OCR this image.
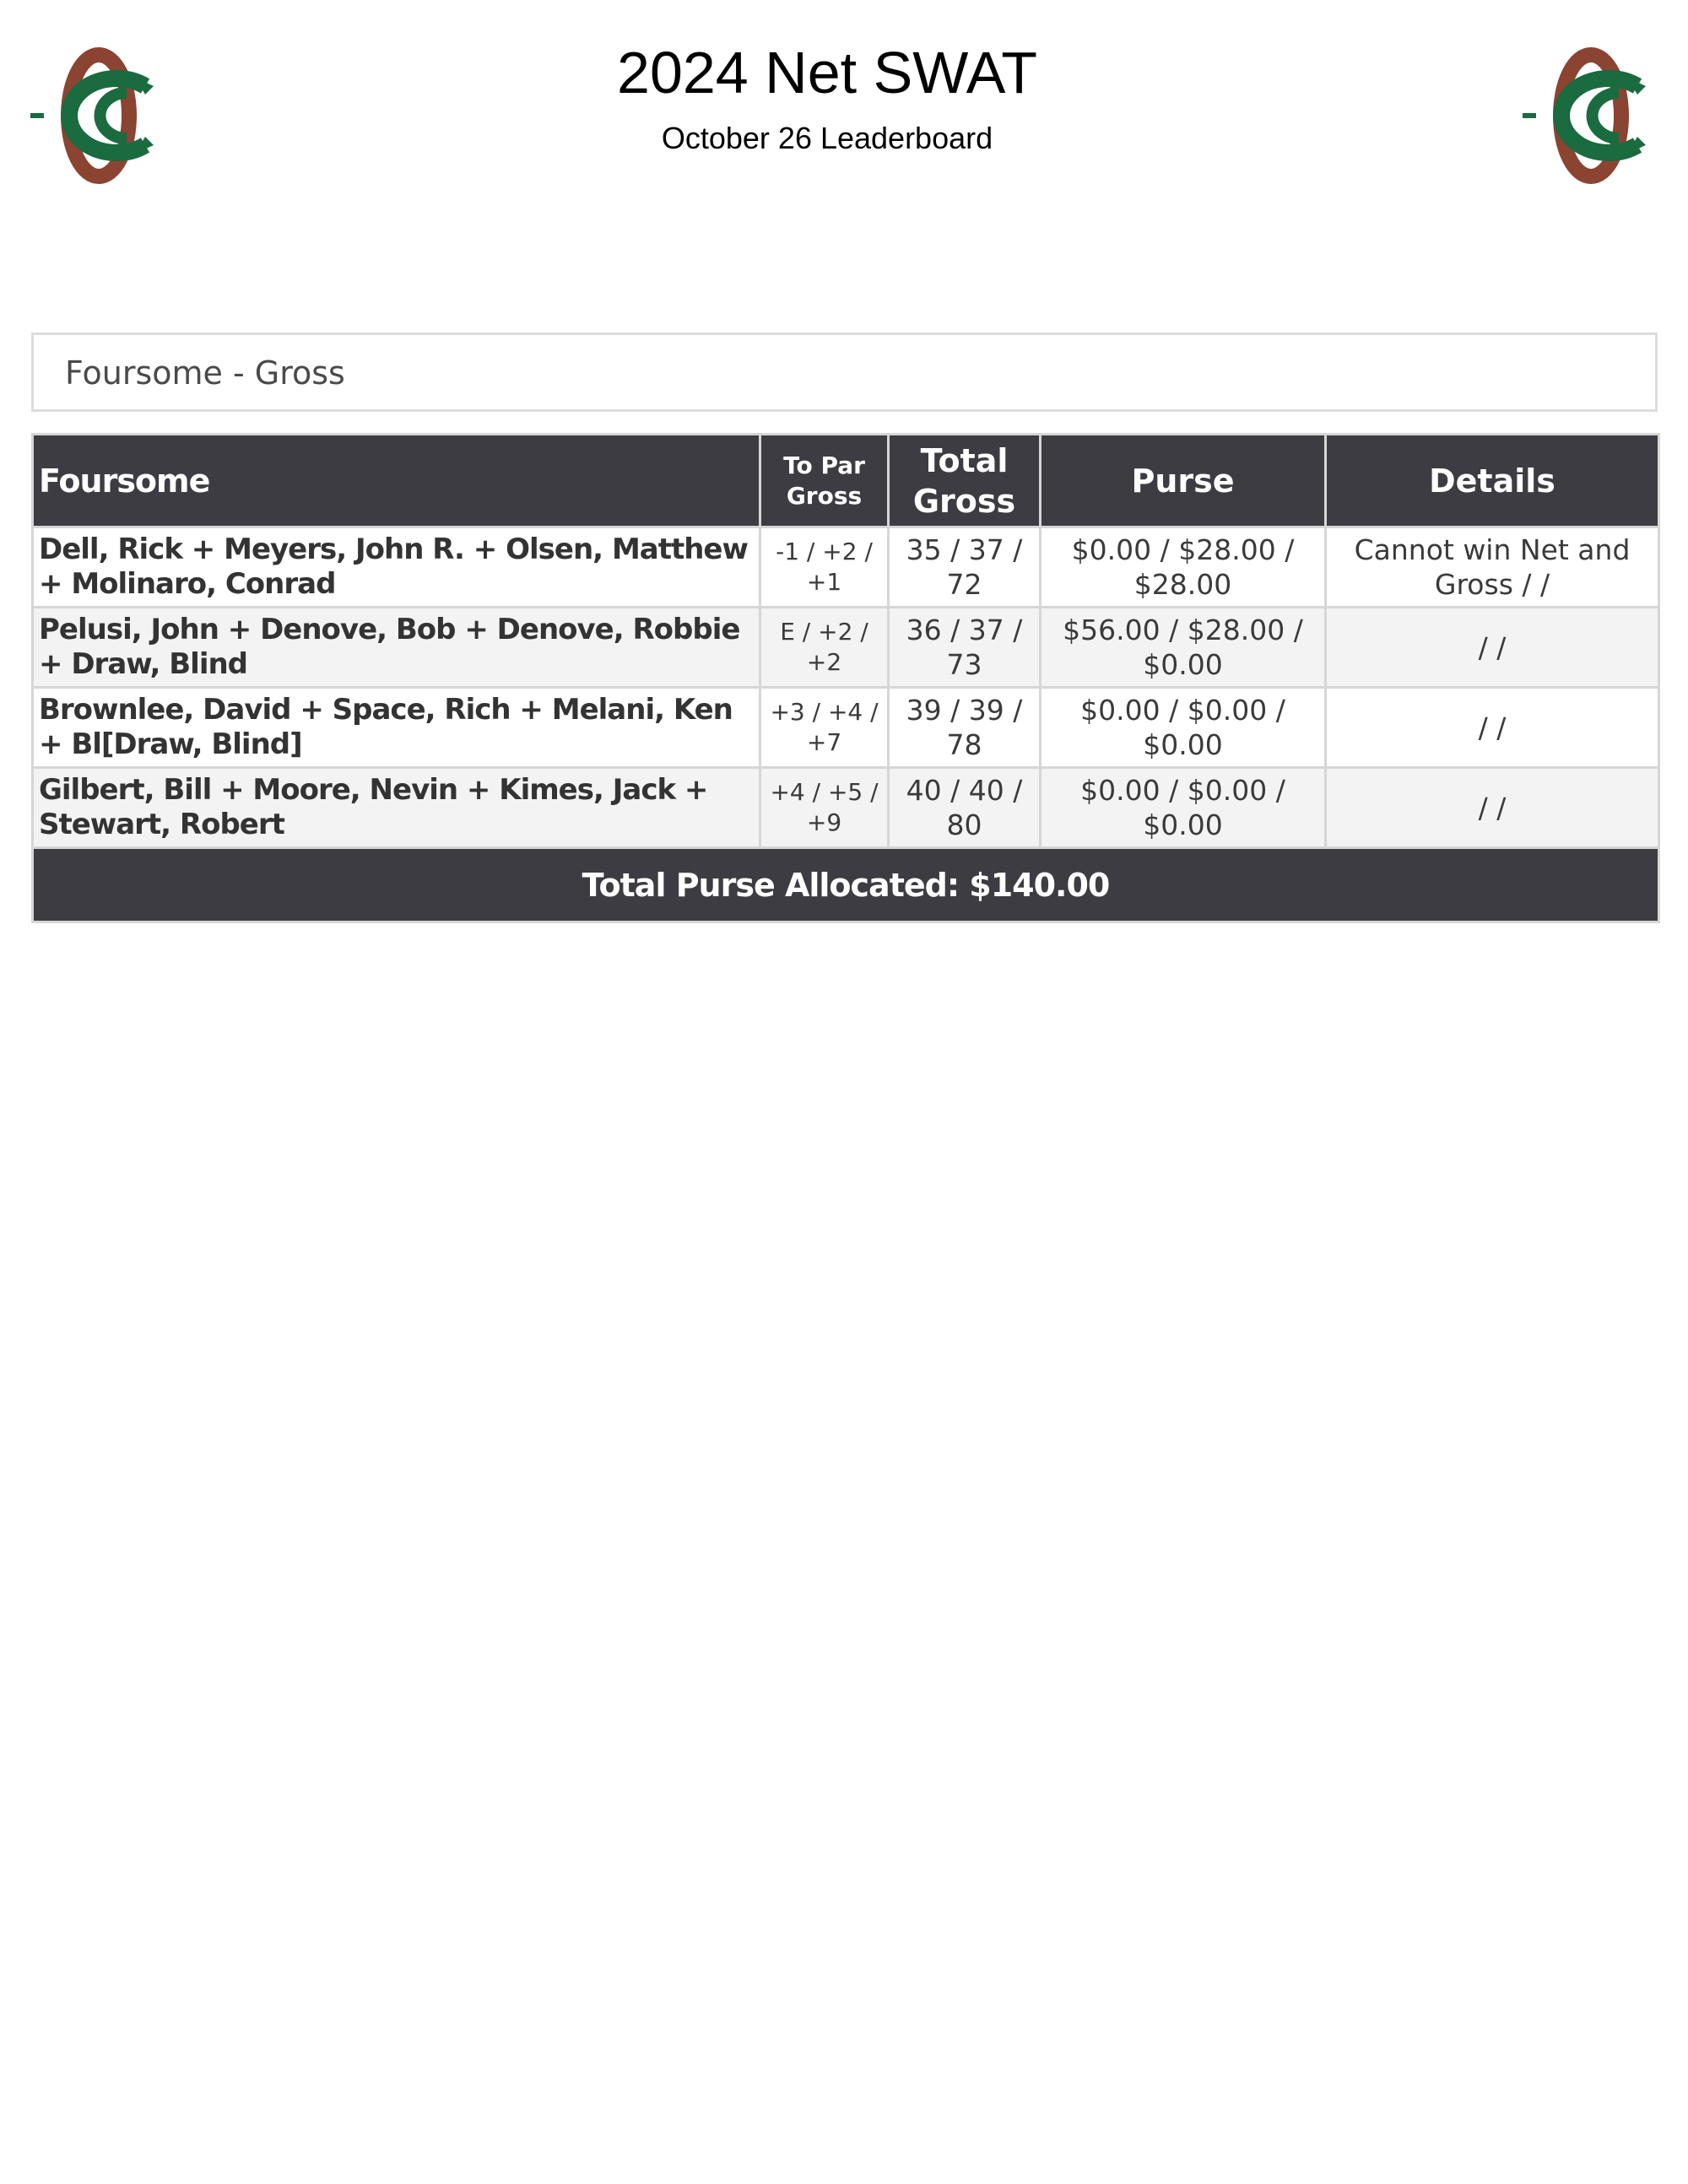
2024 Net SWAT
October 26 Leaderboard
Foursome - Gross
Foursome	To Par Gross	Total Gross	Purse	Details
Dell, Rick + Meyers, John R. + Olsen, Matthew + Molinaro, Conrad	-1 / +2 / +1	35 / 37 / 72	$0.00 / $28.00 / $28.00	Cannot win Net and Gross / /
Pelusi, John + Denove, Bob + Denove, Robbie + Draw, Blind	E / +2 / +2	36 / 37 / 73	$56.00 / $28.00 / $0.00	/ /
Brownlee, David + Space, Rich + Melani, Ken + Bl[Draw, Blind]	+3 / +4 / +7	39 / 39 / 78	$0.00 / $0.00 / $0.00	/ /
Gilbert, Bill + Moore, Nevin + Kimes, Jack + Stewart, Robert	+4 / +5 / +9	40 / 40 / 80	$0.00 / $0.00 / $0.00	/ /
Total Purse Allocated: $140.00				
